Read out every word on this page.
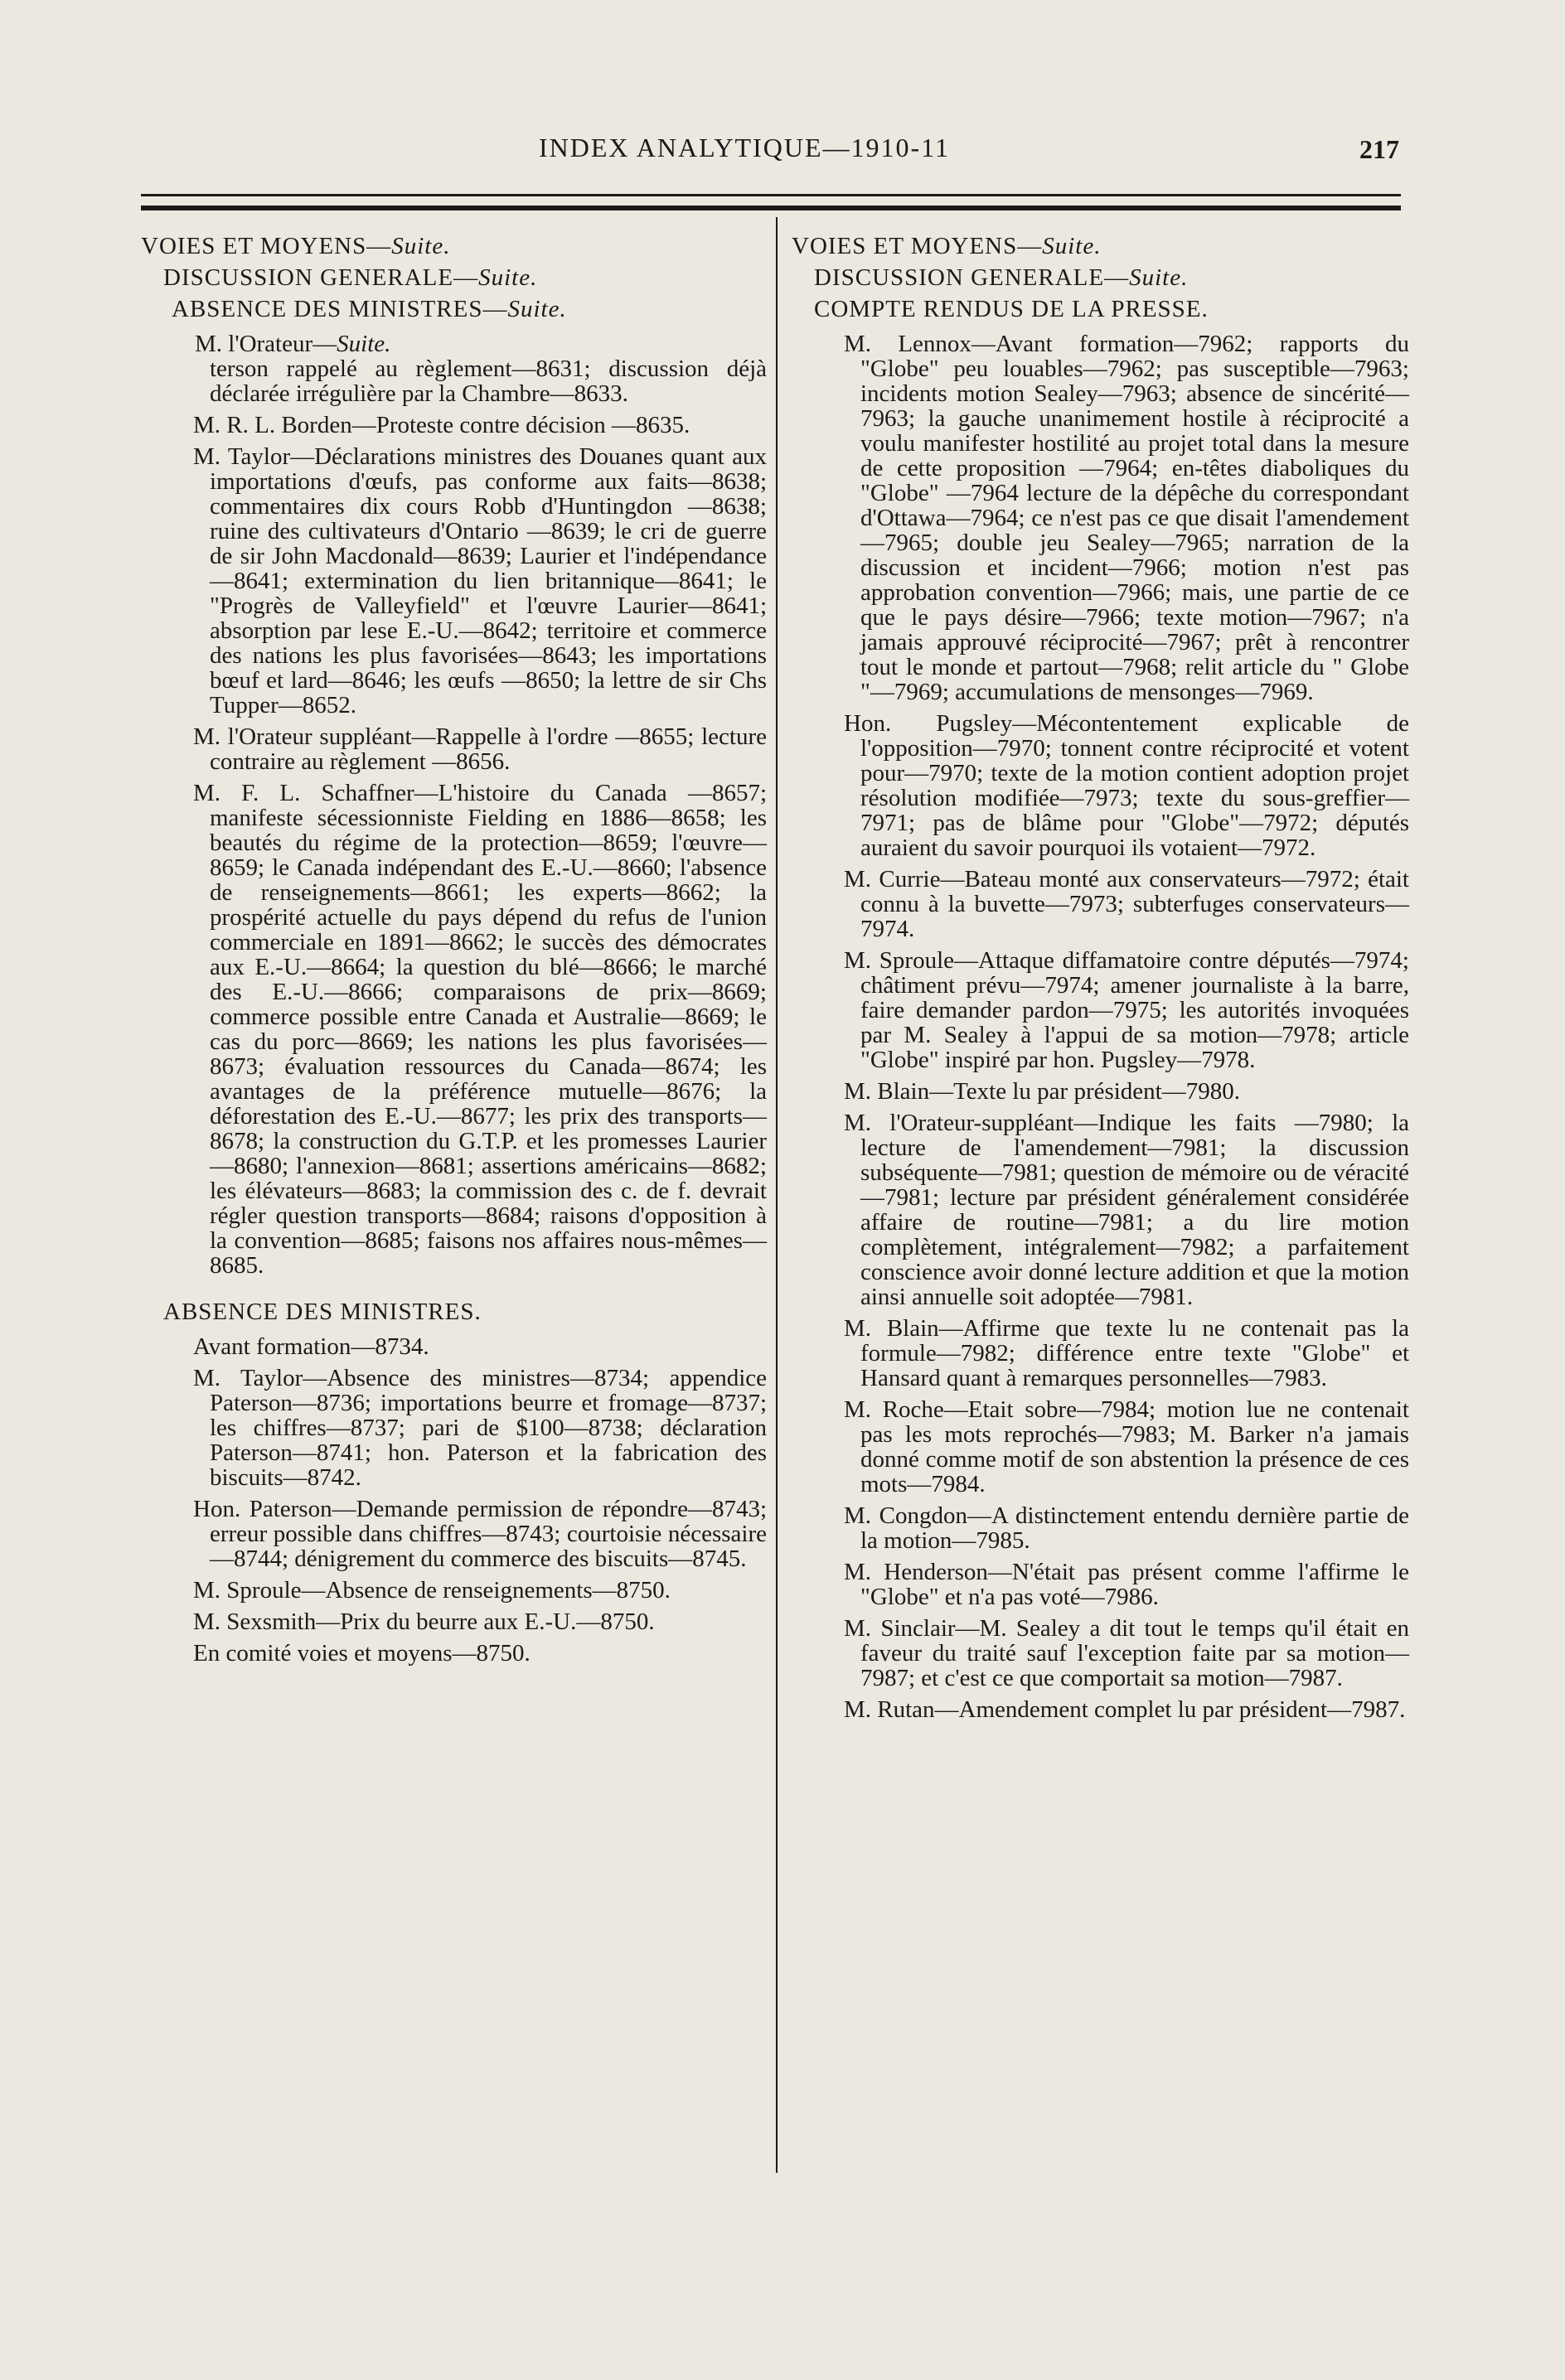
INDEX ANALYTIQUE—1910-11	217
VOIES ET MOYENS—Suite.
DISCUSSION GENERALE—Suite.
ABSENCE DES MINISTRES—Suite.
M. l'Orateur—Suite.
terson rappelé au règlement—8631; discussion déjà déclarée irrégulière par la Chambre—8633.
M. R. L. Borden—Proteste contre décision —8635.
M. Taylor—Déclarations ministres des Douanes quant aux importations d'œufs, pas conforme aux faits—8638; commentaires dix cours Robb d'Huntingdon —8638; ruine des cultivateurs d'Ontario —8639; le cri de guerre de sir John Macdonald—8639; Laurier et l'indépendance —8641; extermination du lien britannique—8641; le "Progrès de Valleyfield" et l'œuvre Laurier—8641; absorption par lese E.-U.—8642; territoire et commerce des nations les plus favorisées—8643; les importations bœuf et lard—8646; les œufs —8650; la lettre de sir Chs Tupper—8652.
M. l'Orateur suppléant—Rappelle à l'ordre —8655; lecture contraire au règlement —8656.
M. F. L. Schaffner—L'histoire du Canada —8657; manifeste sécessionniste Fielding en 1886—8658; les beautés du régime de la protection—8659; l'œuvre—8659; le Canada indépendant des E.-U.—8660; l'absence de renseignements—8661; les experts—8662; la prospérité actuelle du pays dépend du refus de l'union commerciale en 1891—8662; le succès des démocrates aux E.-U.—8664; la question du blé—8666; le marché des E.-U.—8666; comparaisons de prix—8669; commerce possible entre Canada et Australie—8669; le cas du porc—8669; les nations les plus favorisées—8673; évaluation ressources du Canada—8674; les avantages de la préférence mutuelle—8676; la déforestation des E.-U.—8677; les prix des transports—8678; la construction du G.T.P. et les promesses Laurier—8680; l'annexion—8681; assertions américains—8682; les élévateurs—8683; la commission des c. de f. devrait régler question transports—8684; raisons d'opposition à la convention—8685; faisons nos affaires nous-mêmes—8685.
ABSENCE DES MINISTRES.
Avant formation—8734.
M. Taylor—Absence des ministres—8734; appendice Paterson—8736; importations beurre et fromage—8737; les chiffres—8737; pari de $100—8738; déclaration Paterson—8741; hon. Paterson et la fabrication des biscuits—8742.
Hon. Paterson—Demande permission de répondre—8743; erreur possible dans chiffres—8743; courtoisie nécessaire—8744; dénigrement du commerce des biscuits—8745.
M. Sproule—Absence de renseignements—8750.
M. Sexsmith—Prix du beurre aux E.-U.—8750.
En comité voies et moyens—8750.
VOIES ET MOYENS—Suite.
DISCUSSION GENERALE—Suite.
COMPTE RENDUS DE LA PRESSE.
M. Lennox—Avant formation—7962; rapports du "Globe" peu louables—7962; pas susceptible—7963; incidents motion Sealey—7963; absence de sincérité—7963; la gauche unanimement hostile à réciprocité a voulu manifester hostilité au projet total dans la mesure de cette proposition —7964; en-têtes diaboliques du "Globe" —7964 lecture de la dépêche du correspondant d'Ottawa—7964; ce n'est pas ce que disait l'amendement—7965; double jeu Sealey—7965; narration de la discussion et incident—7966; motion n'est pas approbation convention—7966; mais, une partie de ce que le pays désire—7966; texte motion—7967; n'a jamais approuvé réciprocité—7967; prêt à rencontrer tout le monde et partout—7968; relit article du " Globe "—7969; accumulations de mensonges—7969.
Hon. Pugsley—Mécontentement explicable de l'opposition—7970; tonnent contre réciprocité et votent pour—7970; texte de la motion contient adoption projet résolution modifiée—7973; texte du sous-greffier—7971; pas de blâme pour "Globe"—7972; députés auraient du savoir pourquoi ils votaient—7972.
M. Currie—Bateau monté aux conservateurs—7972; était connu à la buvette—7973; subterfuges conservateurs—7974.
M. Sproule—Attaque diffamatoire contre députés—7974; châtiment prévu—7974; amener journaliste à la barre, faire demander pardon—7975; les autorités invoquées par M. Sealey à l'appui de sa motion—7978; article "Globe" inspiré par hon. Pugsley—7978.
M. Blain—Texte lu par président—7980.
M. l'Orateur-suppléant—Indique les faits —7980; la lecture de l'amendement—7981; la discussion subséquente—7981; question de mémoire ou de véracité—7981; lecture par président généralement considérée affaire de routine—7981; a du lire motion complètement, intégralement—7982; a parfaitement conscience avoir donné lecture addition et que la motion ainsi annuelle soit adoptée—7981.
M. Blain—Affirme que texte lu ne contenait pas la formule—7982; différence entre texte "Globe" et Hansard quant à remarques personnelles—7983.
M. Roche—Etait sobre—7984; motion lue ne contenait pas les mots reprochés—7983; M. Barker n'a jamais donné comme motif de son abstention la présence de ces mots—7984.
M. Congdon—A distinctement entendu dernière partie de la motion—7985.
M. Henderson—N'était pas présent comme l'affirme le "Globe" et n'a pas voté—7986.
M. Sinclair—M. Sealey a dit tout le temps qu'il était en faveur du traité sauf l'exception faite par sa motion—7987; et c'est ce que comportait sa motion—7987.
M. Rutan—Amendement complet lu par président—7987.
